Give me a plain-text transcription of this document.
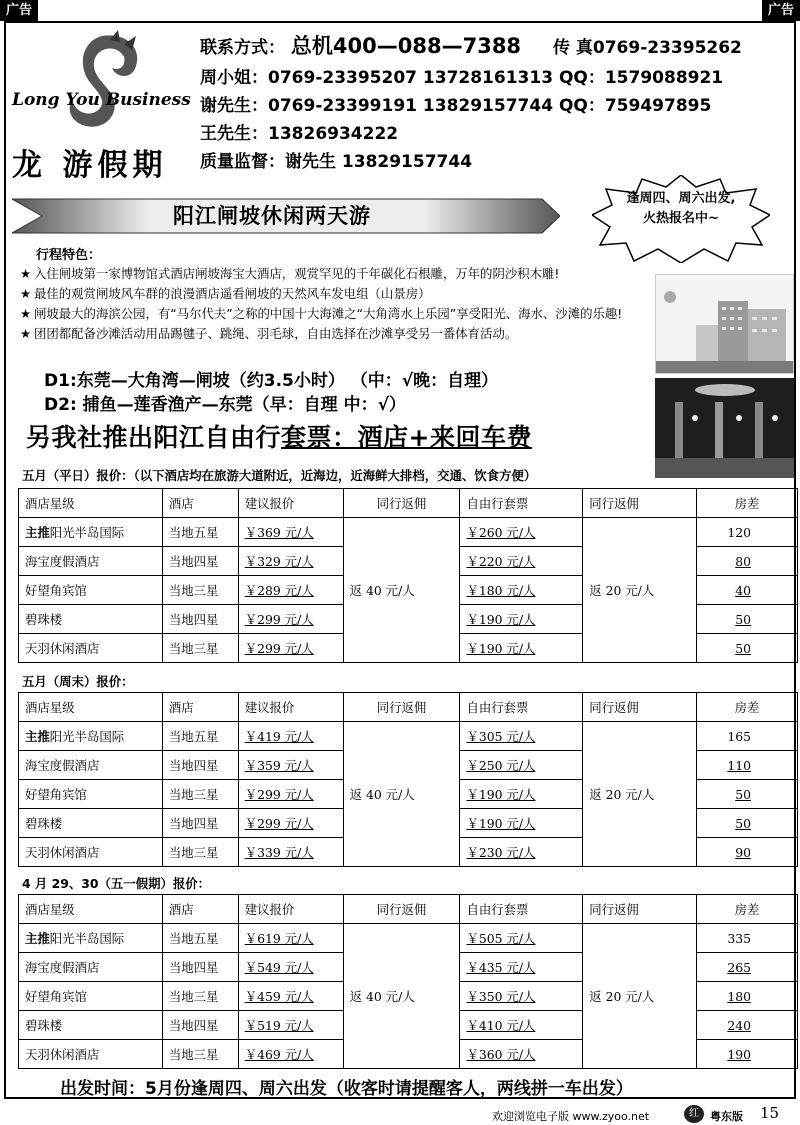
广告	广告
Long You Business
龙 游假期
联系方式： 总机400—088—7388 传 真0769-23395262
周小姐：0769-23395207 13728161313 QQ：1579088921
谢先生：0769-23399191 13829157744 QQ：759497895
王先生：13826934222
质量监督：谢先生 13829157744
阳江闸坡休闲两天游
逢周四、周六出发,
火热报名中~
行程特色：
★ 入住闸坡第一家博物馆式酒店闸坡海宝大酒店，观赏罕见的千年碳化石根雕，万年的阴沙积木雕!
★ 最佳的观赏闸坡风车群的浪漫酒店遥看闸坡的天然风车发电组（山景房）
★ 闸坡最大的海滨公园，有“马尔代夫”之称的中国十大海滩之“大角湾水上乐园”享受阳光、海水、沙滩的乐趣!
★ 团团都配备沙滩活动用品踢毽子、跳绳、羽毛球，自由选择在沙滩享受另一番体育活动。
D1:东莞—大角湾—闸坡（约3.5小时） （中：√晚：自理）
D2: 捕鱼—莲香渔产—东莞（早：自理 中：√）
另我社推出阳江自由行套票：酒店+来回车费
五月（平日）报价：（以下酒店均在旅游大道附近，近海边，近海鲜大排档，交通、饮食方便）
酒店星级	酒店	建议报价	同行返佣	自由行套票	同行返佣	房差
主推阳光半岛国际	当地五星	￥369 元/人	返 40 元/人	￥260 元/人	返 20 元/人	120
海宝度假酒店	当地四星	￥329 元/人		￥220 元/人		80
好望角宾馆	当地三星	￥289 元/人		￥180 元/人		40
碧珠楼	当地四星	￥299 元/人		￥190 元/人		50
天羽休闲酒店	当地三星	￥299 元/人		￥190 元/人		50
五月（周末）报价：
酒店星级	酒店	建议报价	同行返佣	自由行套票	同行返佣	房差
主推阳光半岛国际	当地五星	￥419 元/人	返 40 元/人	￥305 元/人	返 20 元/人	165
海宝度假酒店	当地四星	￥359 元/人		￥250 元/人		110
好望角宾馆	当地三星	￥299 元/人		￥190 元/人		50
碧珠楼	当地四星	￥299 元/人		￥190 元/人		50
天羽休闲酒店	当地三星	￥339 元/人		￥230 元/人		90
4 月 29、30（五一假期）报价：
酒店星级	酒店	建议报价	同行返佣	自由行套票	同行返佣	房差
主推阳光半岛国际	当地五星	￥619 元/人	返 40 元/人	￥505 元/人	返 20 元/人	335
海宝度假酒店	当地四星	￥549 元/人		￥435 元/人		265
好望角宾馆	当地三星	￥459 元/人		￥350 元/人		180
碧珠楼	当地四星	￥519 元/人		￥410 元/人		240
天羽休闲酒店	当地三星	￥469 元/人		￥360 元/人		190
出发时间：5月份逢周四、周六出发（收客时请提醒客人，两线拼一车出发）
欢迎浏览电子版 www.zyoo.net	红	粤东版 15
